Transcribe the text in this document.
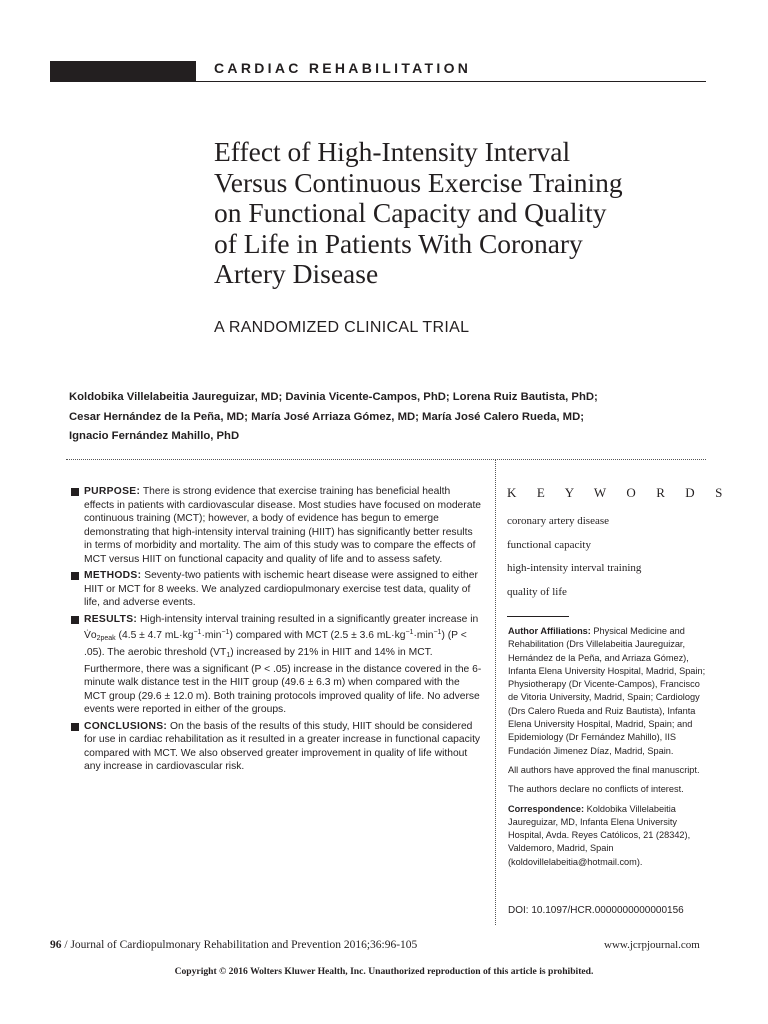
CARDIAC REHABILITATION
Effect of High-Intensity Interval
Versus Continuous Exercise Training
on Functional Capacity and Quality
of Life in Patients With Coronary
Artery Disease
A RANDOMIZED CLINICAL TRIAL
Koldobika Villelabeitia Jaureguizar, MD; Davinia Vicente-Campos, PhD; Lorena Ruiz Bautista, PhD;
Cesar Hernández de la Peña, MD; María José Arriaza Gómez, MD; María José Calero Rueda, MD;
Ignacio Fernández Mahillo, PhD
PURPOSE: There is strong evidence that exercise training has beneficial health effects in patients with cardiovascular disease. Most studies have focused on moderate continuous training (MCT); however, a body of evidence has begun to emerge demonstrating that high-intensity interval training (HIIT) has significantly better results in terms of morbidity and mortality. The aim of this study was to compare the effects of MCT versus HIIT on functional capacity and quality of life and to assess safety.
METHODS: Seventy-two patients with ischemic heart disease were assigned to either HIIT or MCT for 8 weeks. We analyzed cardiopulmonary exercise test data, quality of life, and adverse events.
RESULTS: High-intensity interval training resulted in a significantly greater increase in $V̇o_{2peak}$ (4.5 ± 4.7 $mL\cdot kg^{-1}\cdot\min^{-1}$) compared with MCT (2.5 ± 3.6 $mL\cdot kg^{-1}\cdot\min^{-1}$) (P < .05). The aerobic threshold $(VT_1)$ increased by 21% in HIIT and 14% in MCT. Furthermore, there was a significant (P < .05) increase in the distance covered in the 6-minute walk distance test in the HIIT group (49.6 ± 6.3 m) when compared with the MCT group (29.6 ± 12.0 m). Both training protocols improved quality of life. No adverse events were reported in either of the groups.
CONCLUSIONS: On the basis of the results of this study, HIIT should be considered for use in cardiac rehabilitation as it resulted in a greater increase in functional capacity compared with MCT. We also observed greater improvement in quality of life without any increase in cardiovascular risk.
K E Y W O R D S
coronary artery disease
functional capacity
high-intensity interval training
quality of life

Author Affiliations: Physical Medicine and Rehabilitation (Drs Villelabeitia Jaureguizar, Hernández de la Peña, and Arriaza Gómez), Infanta Elena University Hospital, Madrid, Spain; Physiotherapy (Dr Vicente-Campos), Francisco de Vitoria University, Madrid, Spain; Cardiology (Drs Calero Rueda and Ruiz Bautista), Infanta Elena University Hospital, Madrid, Spain; and Epidemiology (Dr Fernández Mahillo), IIS Fundación Jimenez Díaz, Madrid, Spain.

All authors have approved the final manuscript.

The authors declare no conflicts of interest.

Correspondence: Koldobika Villelabeitia Jaureguizar, MD, Infanta Elena University Hospital, Avda. Reyes Católicos, 21 (28342), Valdemoro, Madrid, Spain (koldovillelabeitia@hotmail.com).

DOI: 10.1097/HCR.0000000000000156
96 / Journal of Cardiopulmonary Rehabilitation and Prevention 2016;36:96-105	www.jcrpjournal.com
Copyright © 2016 Wolters Kluwer Health, Inc. Unauthorized reproduction of this article is prohibited.
